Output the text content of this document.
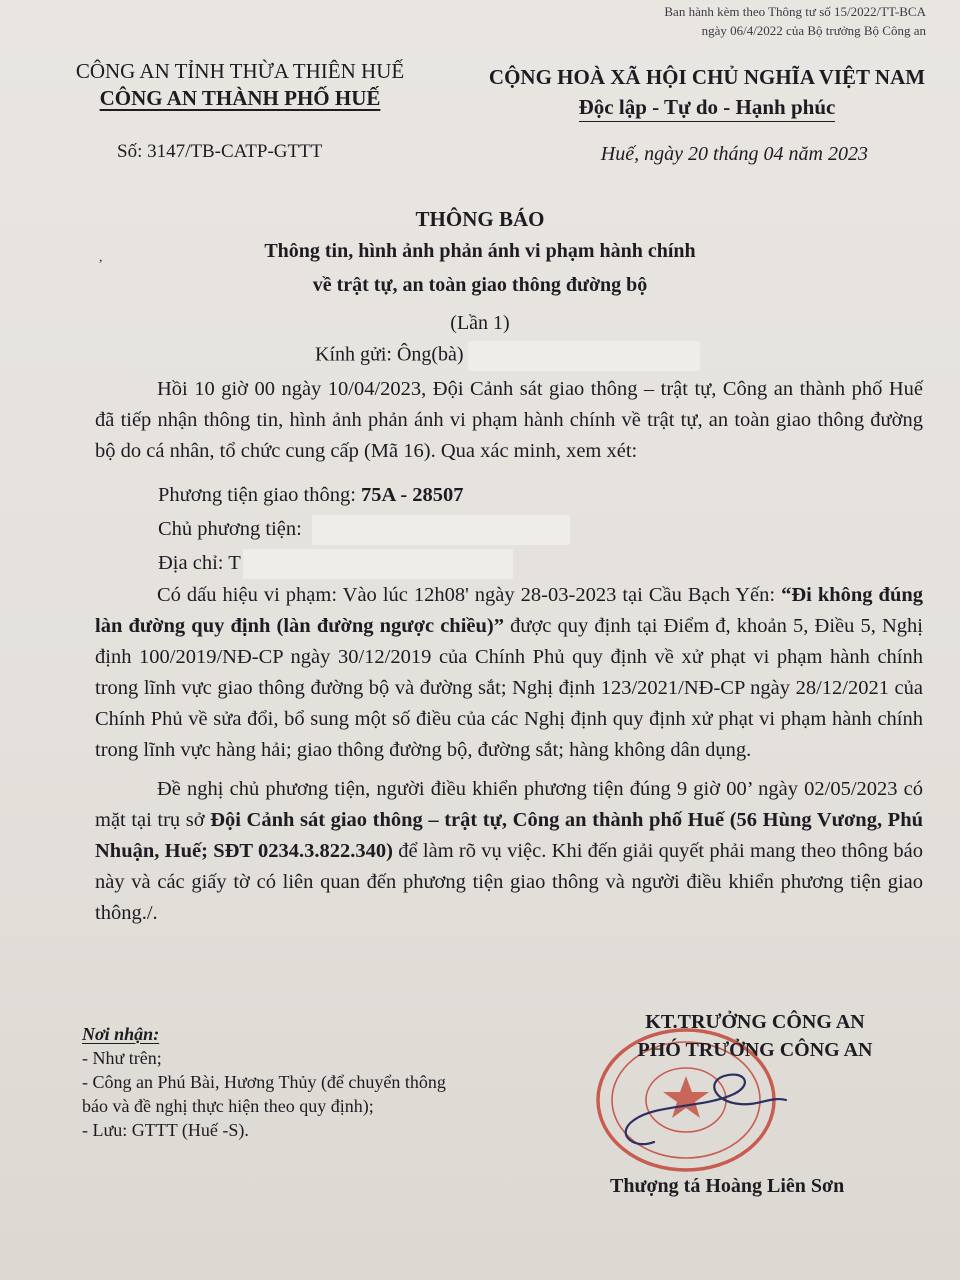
Ban hành kèm theo Thông tư số 15/2022/TT-BCA
ngày 06/4/2022 của Bộ trưởng Bộ Công an
CÔNG AN TỈNH THỪA THIÊN HUẾ
CÔNG AN THÀNH PHỐ HUẾ
CỘNG HOÀ XÃ HỘI CHỦ NGHĨA VIỆT NAM
Độc lập - Tự do - Hạnh phúc
Số: 3147/TB-CATP-GTTT	Huế, ngày 20 tháng 04 năm 2023
,
THÔNG BÁO
Thông tin, hình ảnh phản ánh vi phạm hành chính
về trật tự, an toàn giao thông đường bộ
(Lần 1)
Kính gửi: Ông(bà)

Hồi 10 giờ 00 ngày 10/04/2023, Đội Cảnh sát giao thông – trật tự, Công an thành phố Huế đã tiếp nhận thông tin, hình ảnh phản ánh vi phạm hành chính về trật tự, an toàn giao thông đường bộ do cá nhân, tổ chức cung cấp (Mã 16). Qua xác minh, xem xét:

Phương tiện giao thông: 75A - 28507
Chủ phương tiện:
Địa chỉ: T

Có dấu hiệu vi phạm: Vào lúc 12h08' ngày 28-03-2023 tại Cầu Bạch Yến: “Đi không đúng làn đường quy định (làn đường ngược chiều)” được quy định tại Điểm đ, khoản 5, Điều 5, Nghị định 100/2019/NĐ-CP ngày 30/12/2019 của Chính Phủ quy định về xử phạt vi phạm hành chính trong lĩnh vực giao thông đường bộ và đường sắt; Nghị định 123/2021/NĐ-CP ngày 28/12/2021 của Chính Phủ về sửa đổi, bổ sung một số điều của các Nghị định quy định xử phạt vi phạm hành chính trong lĩnh vực hàng hải; giao thông đường bộ, đường sắt; hàng không dân dụng.

Đề nghị chủ phương tiện, người điều khiển phương tiện đúng 9 giờ 00’ ngày 02/05/2023 có mặt tại trụ sở Đội Cảnh sát giao thông – trật tự, Công an thành phố Huế (56 Hùng Vương, Phú Nhuận, Huế; SĐT 0234.3.822.340) để làm rõ vụ việc. Khi đến giải quyết phải mang theo thông báo này và các giấy tờ có liên quan đến phương tiện giao thông và người điều khiển phương tiện giao thông./.

Nơi nhận:
- Như trên;
- Công an Phú Bài, Hương Thủy (để chuyển thông
báo và đề nghị thực hiện theo quy định);
- Lưu: GTTT (Huế -S).
KT.TRƯỞNG CÔNG AN
PHÓ TRƯỞNG CÔNG AN
Thượng tá Hoàng Liên Sơn
